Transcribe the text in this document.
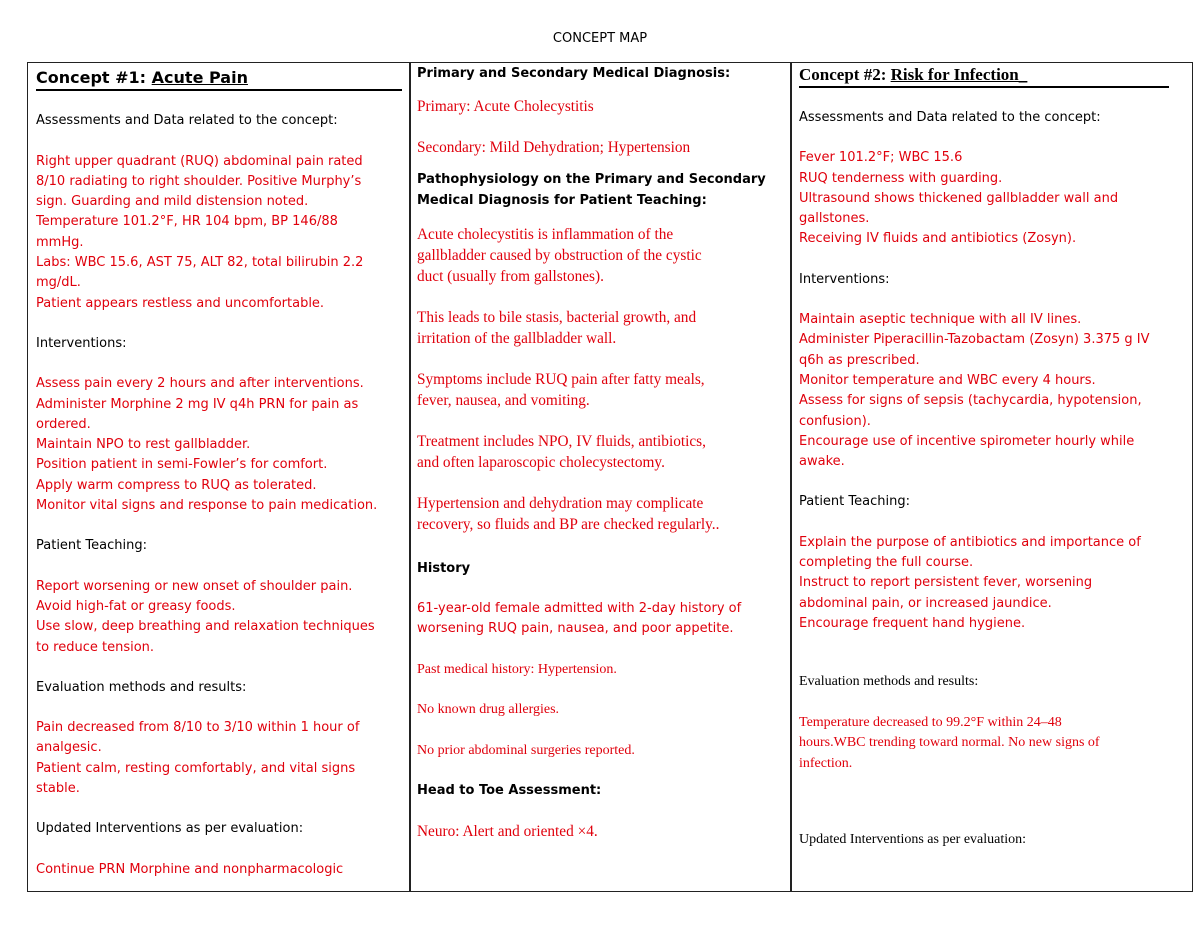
CONCEPT MAP
Concept #1: Acute Pain
Assessments and Data related to the concept:
Right upper quadrant (RUQ) abdominal pain rated
8/10 radiating to right shoulder. Positive Murphy’s
sign. Guarding and mild distension noted.
Temperature 101.2°F, HR 104 bpm, BP 146/88
mmHg.
Labs: WBC 15.6, AST 75, ALT 82, total bilirubin 2.2
mg/dL.
Patient appears restless and uncomfortable.
Interventions:
Assess pain every 2 hours and after interventions.
Administer Morphine 2 mg IV q4h PRN for pain as
ordered.
Maintain NPO to rest gallbladder.
Position patient in semi-Fowler’s for comfort.
Apply warm compress to RUQ as tolerated.
Monitor vital signs and response to pain medication.
Patient Teaching:
Report worsening or new onset of shoulder pain.
Avoid high-fat or greasy foods.
Use slow, deep breathing and relaxation techniques
to reduce tension.
Evaluation methods and results:
Pain decreased from 8/10 to 3/10 within 1 hour of
analgesic.
Patient calm, resting comfortably, and vital signs
stable.
Updated Interventions as per evaluation:
Continue PRN Morphine and nonpharmacologic
Primary and Secondary Medical Diagnosis:
Primary: Acute Cholecystitis
Secondary: Mild Dehydration; Hypertension
Pathophysiology on the Primary and Secondary
Medical Diagnosis for Patient Teaching:
Acute cholecystitis is inflammation of the
gallbladder caused by obstruction of the cystic
duct (usually from gallstones).
This leads to bile stasis, bacterial growth, and
irritation of the gallbladder wall.
Symptoms include RUQ pain after fatty meals,
fever, nausea, and vomiting.
Treatment includes NPO, IV fluids, antibiotics,
and often laparoscopic cholecystectomy.
Hypertension and dehydration may complicate
recovery, so fluids and BP are checked regularly..
History
61-year-old female admitted with 2-day history of
worsening RUQ pain, nausea, and poor appetite.
Past medical history: Hypertension.
No known drug allergies.
No prior abdominal surgeries reported.
Head to Toe Assessment:
Neuro: Alert and oriented ×4.
Concept #2: Risk for Infection_
Assessments and Data related to the concept:
Fever 101.2°F; WBC 15.6
RUQ tenderness with guarding.
Ultrasound shows thickened gallbladder wall and
gallstones.
Receiving IV fluids and antibiotics (Zosyn).
Interventions:
Maintain aseptic technique with all IV lines.
Administer Piperacillin-Tazobactam (Zosyn) 3.375 g IV
q6h as prescribed.
Monitor temperature and WBC every 4 hours.
Assess for signs of sepsis (tachycardia, hypotension,
confusion).
Encourage use of incentive spirometer hourly while
awake.
Patient Teaching:
Explain the purpose of antibiotics and importance of
completing the full course.
Instruct to report persistent fever, worsening
abdominal pain, or increased jaundice.
Encourage frequent hand hygiene.
Evaluation methods and results:
Temperature decreased to 99.2°F within 24–48
hours.WBC trending toward normal. No new signs of
infection.
Updated Interventions as per evaluation:
